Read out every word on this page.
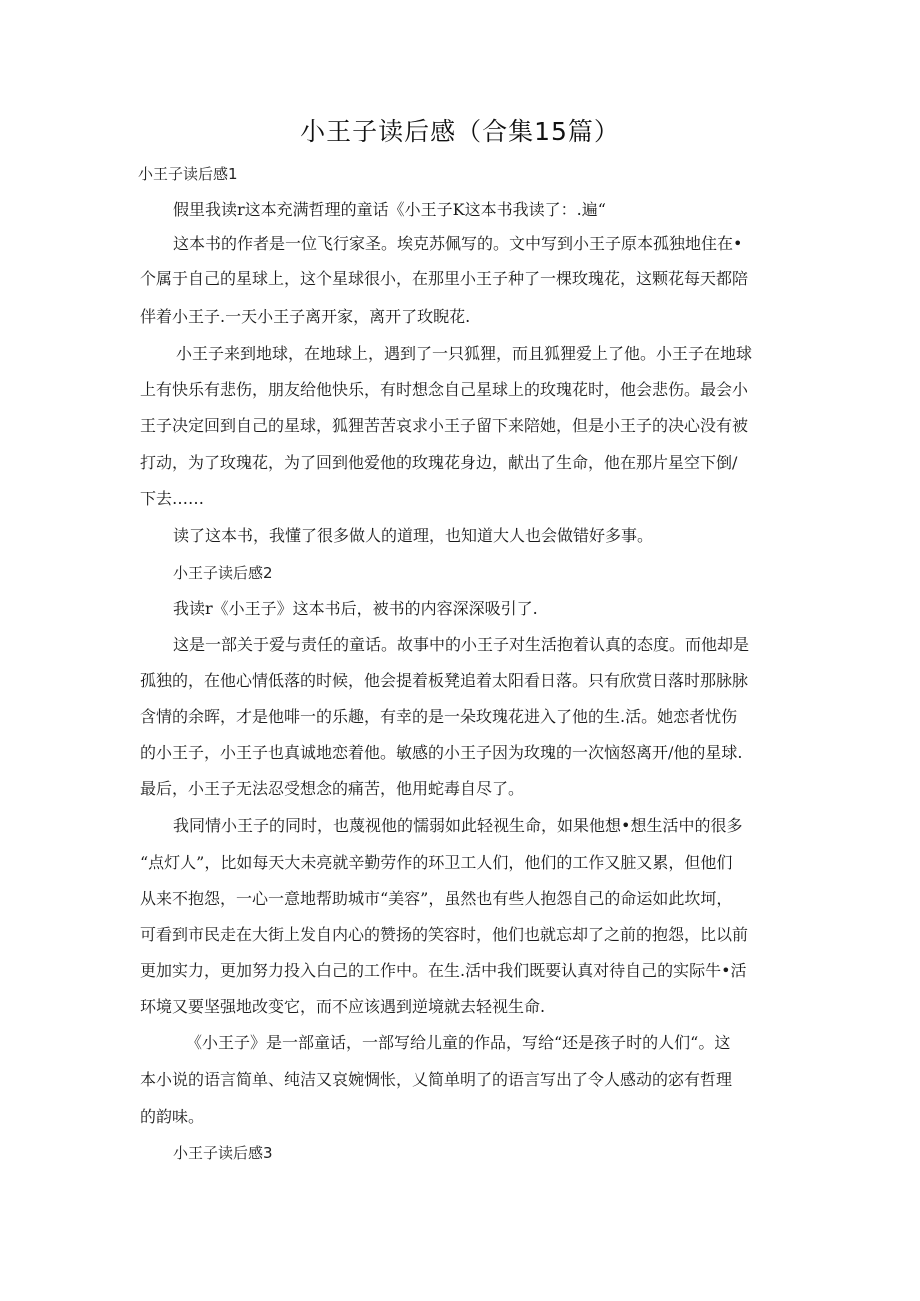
小王子读后感（合集15篇）

小王子读后感1

假里我读r这本充满哲理的童话《小王子K这本书我读了：.遍“

这本书的作者是一位飞行家圣。埃克苏佩写的。文中写到小王子原本孤独地住在•

个属于自己的星球上，这个星球很小，在那里小王子种了一棵玫瑰花，这颗花每天都陪

伴着小王子.一天小王子离开家，离开了玫睨花.

小王子来到地球，在地球上，遇到了一只狐狸，而且狐狸爱上了他。小王子在地球

上有快乐有悲伤，朋友给他快乐，有时想念自己星球上的玫瑰花时，他会悲伤。最会小

王子决定回到自己的星球，狐狸苦苦哀求小王子留下来陪她，但是小王子的决心没有被

打动，为了玫瑰花，为了回到他爱他的玫瑰花身边，献出了生命，他在那片星空下倒/

下去……

读了这本书，我懂了很多做人的道理，也知道大人也会做错好多事。

小王子读后感2

我读r《小王子》这本书后，被书的内容深深吸引了.

这是一部关于爱与责任的童话。故事中的小王子对生活抱着认真的态度。而他却是

孤独的，在他心情低落的时候，他会提着板凳追着太阳看日落。只有欣赏日落时那脉脉

含情的余晖，才是他啡一的乐趣，有幸的是一朵玫瑰花进入了他的生.活。她恋者忧伤

的小王子，小王子也真诚地恋着他。敏感的小王子因为玫瑰的一次恼怒离开/他的星球.

最后，小王子无法忍受想念的痛苦，他用蛇毒自尽了。

我同情小王子的同时，也蔑视他的懦弱如此轻视生命，如果他想•想生活中的很多

“点灯人”，比如每天大未亮就辛勤劳作的环卫工人们，他们的工作又脏又累，但他们

从来不抱怨，一心一意地帮助城市“美容”，虽然也有些人抱怨自己的命运如此坎坷，

可看到市民走在大街上发自内心的赞扬的笑容时，他们也就忘却了之前的抱怨，比以前

更加实力，更加努力投入白己的工作中。在生.活中我们既要认真对待自己的实际牛•活

环境又要坚强地改变它，而不应该遇到逆境就去轻视生命.

《小王子》是一部童话，一部写给儿童的作品，写给“还是孩子时的人们“。这

本小说的语言简单、纯洁又哀婉惆怅，乂简单明了的语言写出了令人感动的宓有哲理

的韵味。

小王子读后感3
